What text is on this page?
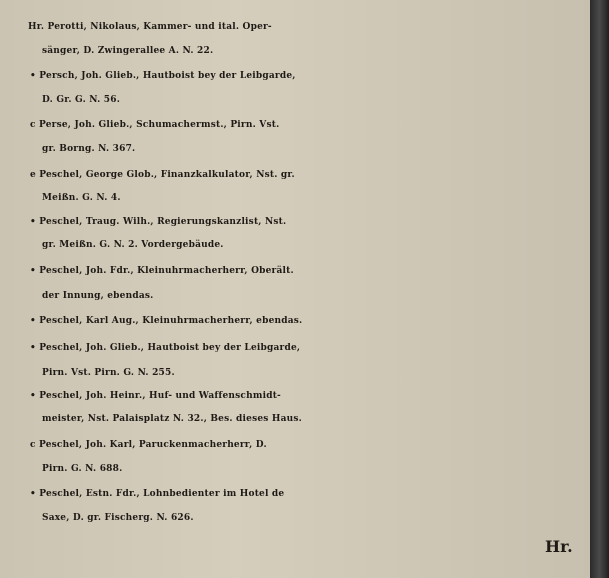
Hr. Perotti, Nikolaus, Kammer- und ital. Oper-
sänger, D. Zwingerallee A. N. 22.
• Persch, Joh. Glieb., Hautboist bey der Leibgarde,
D. Gr. G. N. 56.
c Perse, Joh. Glieb., Schumachermst., Pirn. Vst.
gr. Borng. N. 367.
e Peschel, George Glob., Finanzkalkulator, Nst. gr.
Meißn. G. N. 4.
• Peschel, Traug. Wilh., Regierungskanzlist, Nst.
gr. Meißn. G. N. 2. Vordergebäude.
• Peschel, Joh. Fdr., Kleinuhrmacherherr, Oberält.
der Innung, ebendas.
• Peschel, Karl Aug., Kleinuhrmacherherr, ebendas.
• Peschel, Joh. Glieb., Hautboist bey der Leibgarde,
Pirn. Vst. Pirn. G. N. 255.
• Peschel, Joh. Heinr., Huf- und Waffenschmidt-
meister, Nst. Palaisplatz N. 32., Bes. dieses Haus.
c Peschel, Joh. Karl, Paruckenmacherherr, D.
Pirn. G. N. 688.
• Peschel, Estn. Fdr., Lohnbedienter im Hotel de
Saxe, D. gr. Fischerg. N. 626.
Hr.
